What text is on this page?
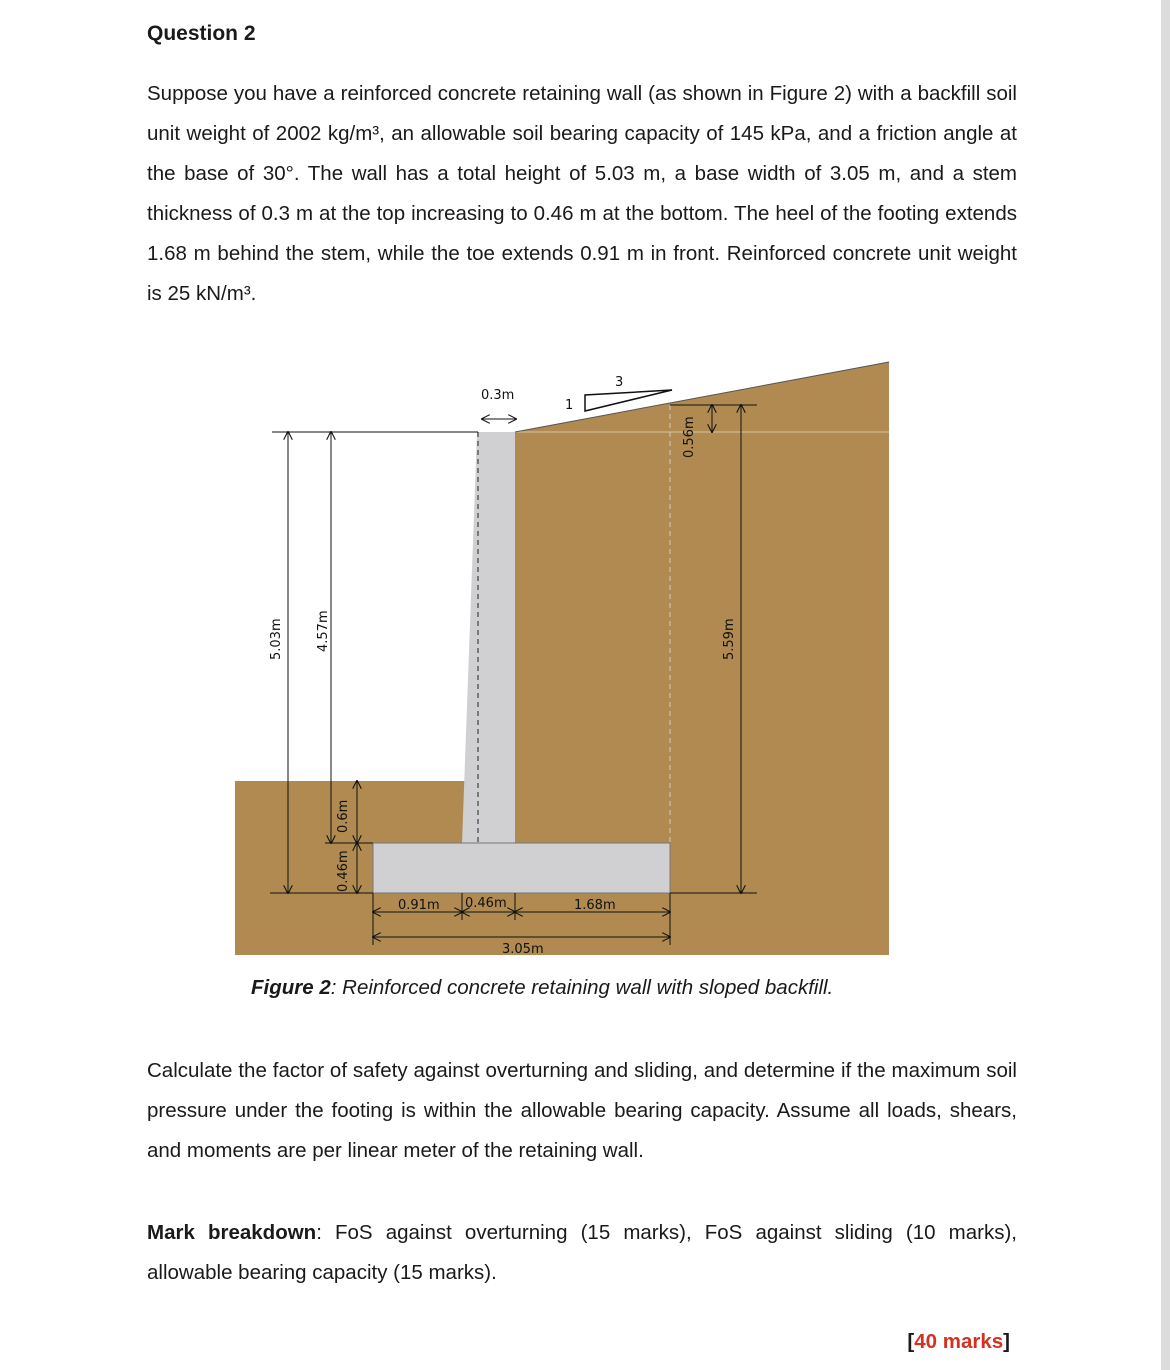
Question 2
Suppose you have a reinforced concrete retaining wall (as shown in Figure 2) with a backfill soil unit weight of 2002 kg/m³, an allowable soil bearing capacity of 145 kPa, and a friction angle at the base of 30°. The wall has a total height of 5.03 m, a base width of 3.05 m, and a stem thickness of 0.3 m at the top increasing to 0.46 m at the bottom. The heel of the footing extends 1.68 m behind the stem, while the toe extends 0.91 m in front. Reinforced concrete unit weight is 25 kN/m³.
1
3
0.3m
0.56m
5.03m 4.57m
0.6m
0.46m
5.59m
0.91m 0.46m	1.68m
3.05m
Figure 2: Reinforced concrete retaining wall with sloped backfill.
Calculate the factor of safety against overturning and sliding, and determine if the maximum soil pressure under the footing is within the allowable bearing capacity. Assume all loads, shears, and moments are per linear meter of the retaining wall.
Mark breakdown: FoS against overturning (15 marks), FoS against sliding (10 marks), allowable bearing capacity (15 marks).
[40 marks]
